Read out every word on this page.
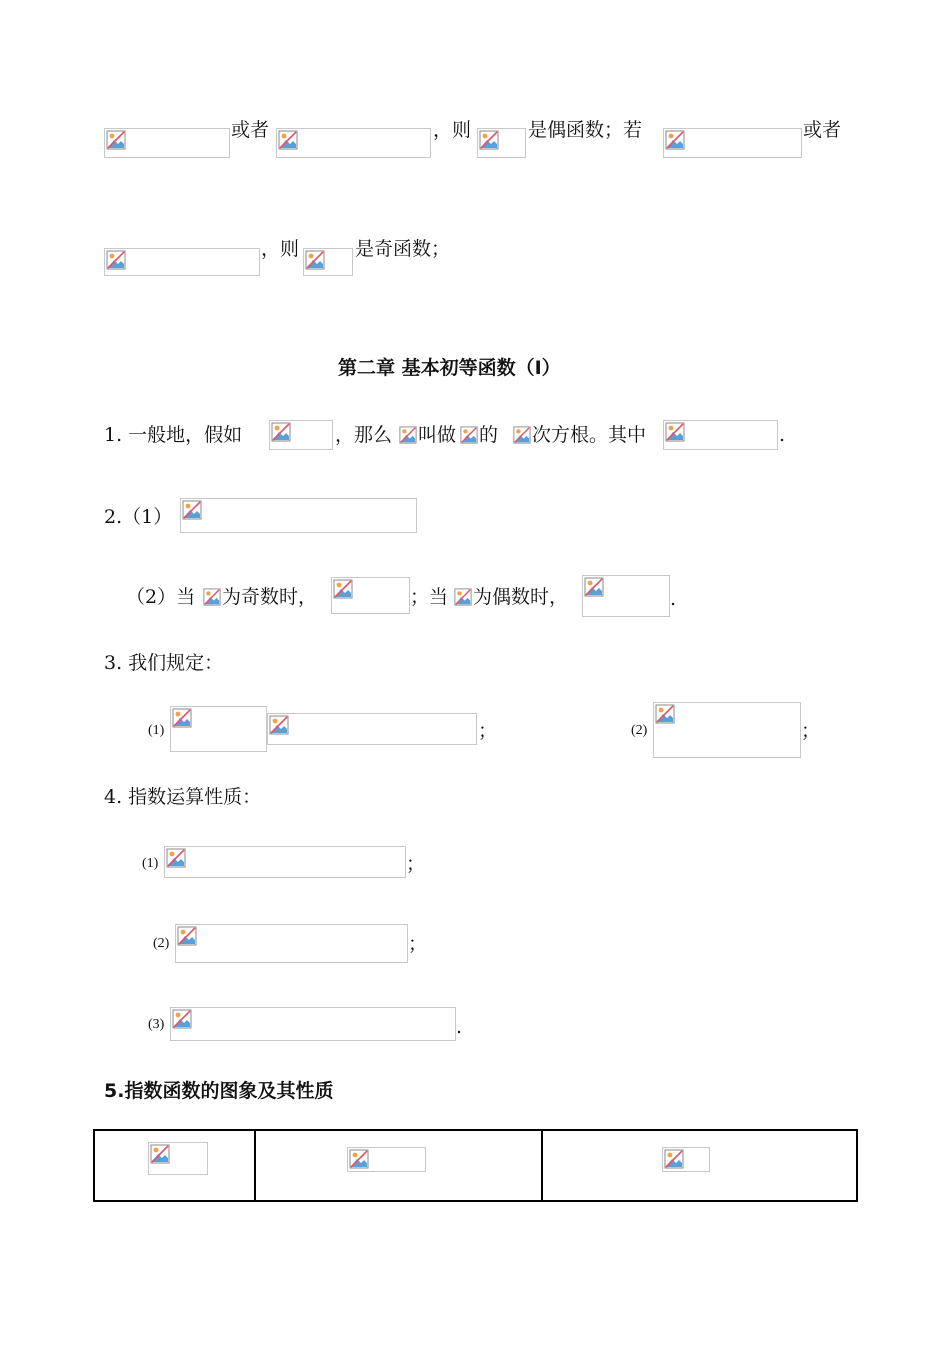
或者	，则	是偶函数；若	或者
，则	是奇函数；
第二章 基本初等函数（Ⅰ）
1. 一般地，假如	，那么 叫做 的 次方根。其中	.
2.（1）
（2）当 为奇数时，	；当 为偶数时，	.
3. 我们规定：
(1)	；	(2)	；
4. 指数运算性质：
(1)	；
(2)	；
(3)	.
5.指数函数的图象及其性质
